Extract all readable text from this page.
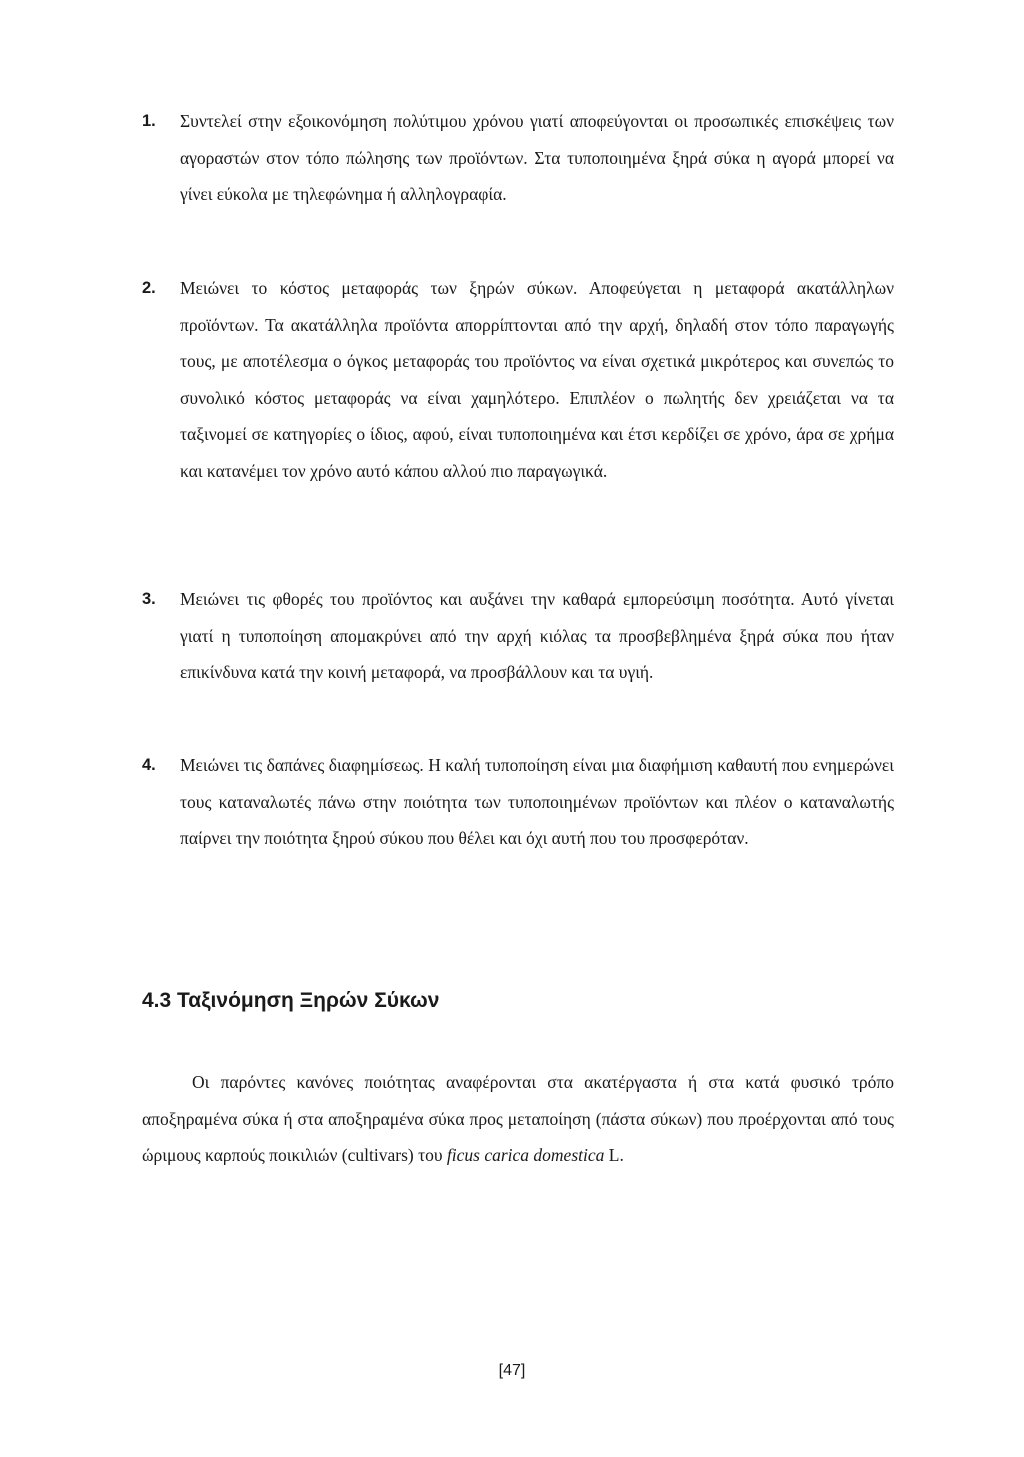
1.	Συντελεί στην εξοικονόμηση πολύτιμου χρόνου γιατί αποφεύγονται οι προσωπικές επισκέψεις των αγοραστών στον τόπο πώλησης των προϊόντων. Στα τυποποιημένα ξηρά σύκα η αγορά μπορεί να γίνει εύκολα με τηλεφώνημα ή αλληλογραφία.
2.	Μειώνει το κόστος μεταφοράς των ξηρών σύκων. Αποφεύγεται η μεταφορά ακατάλληλων προϊόντων. Τα ακατάλληλα προϊόντα απορρίπτονται από την αρχή, δηλαδή στον τόπο παραγωγής τους, με αποτέλεσμα ο όγκος μεταφοράς του προϊόντος να είναι σχετικά μικρότερος και συνεπώς το συνολικό κόστος μεταφοράς να είναι χαμηλότερο. Επιπλέον ο πωλητής δεν χρειάζεται να τα ταξινομεί σε κατηγορίες ο ίδιος, αφού, είναι τυποποιημένα και έτσι κερδίζει σε χρόνο, άρα σε χρήμα και κατανέμει τον χρόνο αυτό κάπου αλλού πιο παραγωγικά.
3.	Μειώνει τις φθορές του προϊόντος και αυξάνει την καθαρά εμπορεύσιμη ποσότητα. Αυτό γίνεται γιατί η τυποποίηση απομακρύνει από την αρχή κιόλας τα προσβεβλημένα ξηρά σύκα που ήταν επικίνδυνα κατά την κοινή μεταφορά, να προσβάλλουν και τα υγιή.
4.	Μειώνει τις δαπάνες διαφημίσεως. Η καλή τυποποίηση είναι μια διαφήμιση καθαυτή που ενημερώνει τους καταναλωτές πάνω στην ποιότητα των τυποποιημένων προϊόντων και πλέον ο καταναλωτής παίρνει την ποιότητα ξηρού σύκου που θέλει και όχι αυτή που του προσφερόταν.
4.3 Ταξινόμηση Ξηρών Σύκων

Οι παρόντες κανόνες ποιότητας αναφέρονται στα ακατέργαστα ή στα κατά φυσικό τρόπο αποξηραμένα σύκα ή στα αποξηραμένα σύκα προς μεταποίηση (πάστα σύκων) που προέρχονται από τους ώριμους καρπούς ποικιλιών (cultivars) του ficus carica domestica L.

[47]
